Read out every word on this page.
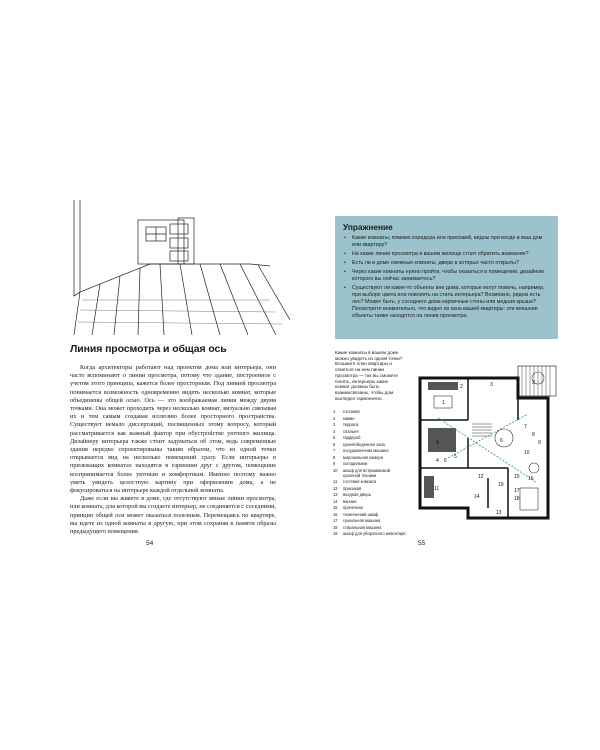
Линия просмотра и общая ось

Когда архитекторы работают над проектом дома или интерьера, они часто вспоминают о линии просмотра, потому что здание, построенное с учетом этого принципа, кажется более просторным. Под линией просмотра понимается возможность одновременно видеть несколько комнат, которые объединены общей осью. Ось — это воображаемая линия между двумя точками. Она может проходить через несколько комнат, визуально связывая их и тем самым создавая иллюзию более просторного пространства. Существует немало диссертаций, посвященных этому вопросу, который рассматривается как важный фактор при обустройстве уютного жилища. Дизайнеру интерьера также стоит задуматься об этом, ведь современные здания нередко спроектированы таким образом, что из одной точки открывается вид на несколько помещений сразу. Если интерьеры в прилежащих комнатах находятся в гармонии друг с другом, помещение воспринимается более уютным и комфортным. Именно поэтому важно уметь увидеть целостную картину при оформлении дома, а не фокусироваться на интерьере каждой отдельной комнаты.

Даже если вы живете в доме, где отсутствуют явные линии просмотра, или комната, для которой вы создаете интерьер, не соединяется с соседними, принцип общей оси может оказаться полезным. Перемещаясь по квартире, вы идете из одной комнаты в другую, при этом сохраняя в памяти образы предыдущего помещения.

54
Упражнение
• Какие комнаты, помимо коридора или прихожей, видны при входе в ваш дом или квартиру?
• На какие линии просмотра в вашем жилище стоит обратить внимание?
• Есть ли в доме смежные комнаты, двери в которых часто открыты?
• Через какие комнаты нужно пройти, чтобы оказаться в помещении, дизайном которого вы сейчас занимаетесь?
• Существуют ли какие-то объекты вне дома, которые могут помочь, например, при выборе цвета или повлиять на стиль интерьера? Возможно, рядом есть лес? Может быть, у соседнего дома кирпичные стены или медная крыша? Посмотрите внимательно, что видно из окна вашей квартиры: эти внешние объекты также находятся на линии просмотра.
Какие комнаты в вашем доме можно увидеть из одной точки? Возьмите план квартиры и отметьте на нем линии просмотра — так вы сможете понять, интерьеры каких комнат должны быть взаимосвязаны, чтобы дом выглядел гармонично.
1	гостиная
2	камин
3	терраса
4	спальня
5	гардероб
6	кухня/обеденная зона
7	посудомоечная машина
8	морозильная камера
9	холодильник
10	шкаф для встраиваемой кухонной техники
11	гостевая комната
12	прихожая
13	входная дверь
14	ванная
15	прачечная
16	технический шкаф
17	сушильная машина
18	стиральная машина
19	шкаф для уборочного инвентаря
1
2
3
4
5
6
7
8
9
10
11
12
13
14
15 16
17
18
19
3
4 5
55
